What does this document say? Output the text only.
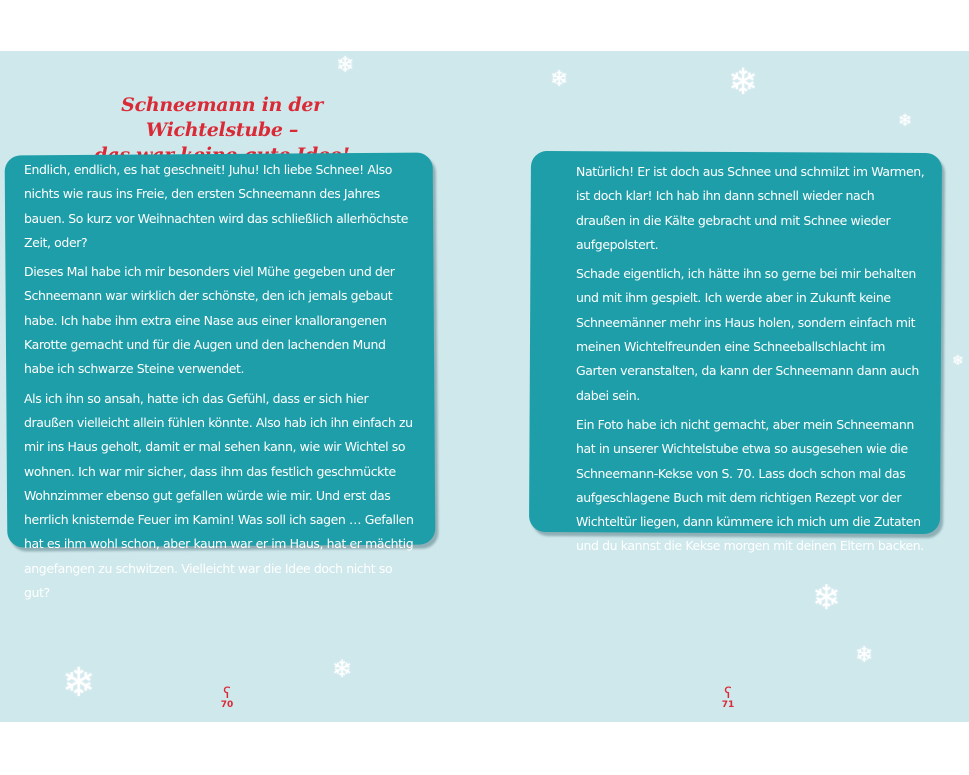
❄
❄	❄
❄
❄
❄
❄
❄
❄
Schneemann in der Wichtelstube –

Endlich, endlich, es hat geschneit! Juhu! Ich liebe Schnee! Also nichts wie raus ins Freie, den ersten Schneemann des Jahres bauen. So kurz vor Weihnachten wird das schließlich allerhöchste Zeit, oder?

Dieses Mal habe ich mir besonders viel Mühe gegeben und der Schneemann war wirklich der schönste, den ich jemals gebaut habe. Ich habe ihm extra eine Nase aus einer knallorangenen Karotte gemacht und für die Augen und den lachenden Mund habe ich schwarze Steine verwendet.

Als ich ihn so ansah, hatte ich das Gefühl, dass er sich hier draußen vielleicht allein fühlen könnte. Also hab ich ihn einfach zu mir ins Haus geholt, damit er mal sehen kann, wie wir Wichtel so wohnen. Ich war mir sicher, dass ihm das festlich geschmückte Wohnzimmer ebenso gut gefallen würde wie mir. Und erst das herrlich knisternde Feuer im Kamin! Was soll ich sagen … Gefallen hat es ihm wohl schon, aber kaum war er im Haus, hat er mächtig angefangen zu schwitzen. Vielleicht war die Idee doch nicht so gut?

ʕ
70

Natürlich! Er ist doch aus Schnee und schmilzt im Warmen, ist doch klar! Ich hab ihn dann schnell wieder nach draußen in die Kälte gebracht und mit Schnee wieder aufgepolstert.

Schade eigentlich, ich hätte ihn so gerne bei mir behalten und mit ihm gespielt. Ich werde aber in Zukunft keine Schneemänner mehr ins Haus holen, sondern einfach mit meinen Wichtelfreunden eine Schneeballschlacht im Garten veranstalten, da kann der Schneemann dann auch dabei sein.

Ein Foto habe ich nicht gemacht, aber mein Schneemann hat in unserer Wichtelstube etwa so ausgesehen wie die Schneemann-Kekse von S. 70. Lass doch schon mal das aufgeschlagene Buch mit dem richtigen Rezept vor der Wichteltür liegen, dann kümmere ich mich um die Zutaten und du kannst die Kekse morgen mit deinen Eltern backen.

ʕ
71
